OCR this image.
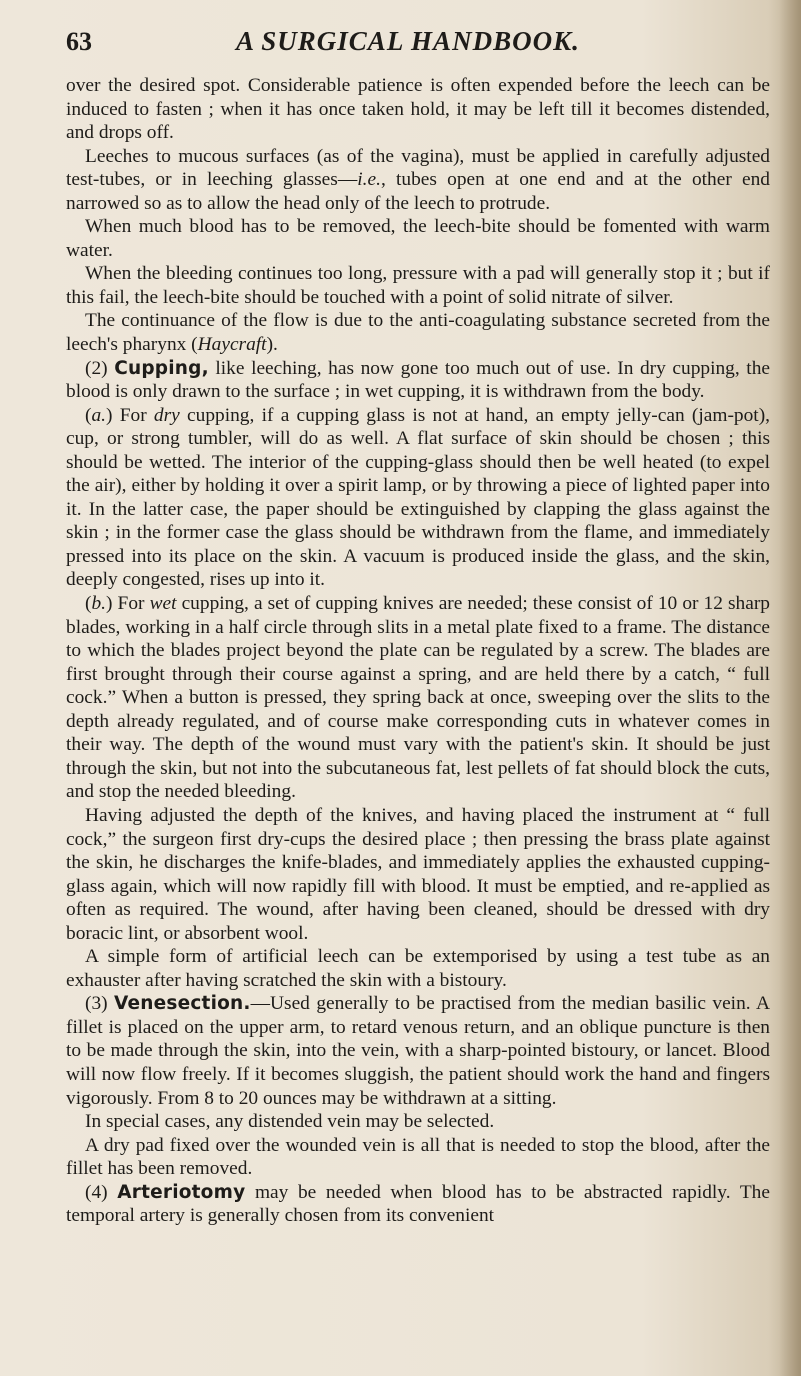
63	A SURGICAL HANDBOOK.

over the desired spot. Considerable patience is often expended before the leech can be induced to fasten ; when it has once taken hold, it may be left till it becomes distended, and drops off.

Leeches to mucous surfaces (as of the vagina), must be applied in carefully adjusted test-tubes, or in leeching glasses—i.e., tubes open at one end and at the other end narrowed so as to allow the head only of the leech to protrude.

When much blood has to be removed, the leech-bite should be fomented with warm water.

When the bleeding continues too long, pressure with a pad will generally stop it ; but if this fail, the leech-bite should be touched with a point of solid nitrate of silver.

The continuance of the flow is due to the anti-coagulating substance secreted from the leech's pharynx (Haycraft).

(2) Cupping, like leeching, has now gone too much out of use. In dry cupping, the blood is only drawn to the surface ; in wet cupping, it is withdrawn from the body.

(a.) For dry cupping, if a cupping glass is not at hand, an empty jelly-can (jam-pot), cup, or strong tumbler, will do as well. A flat surface of skin should be chosen ; this should be wetted. The interior of the cupping-glass should then be well heated (to expel the air), either by holding it over a spirit lamp, or by throwing a piece of lighted paper into it. In the latter case, the paper should be extinguished by clapping the glass against the skin ; in the former case the glass should be withdrawn from the flame, and immediately pressed into its place on the skin. A vacuum is produced inside the glass, and the skin, deeply congested, rises up into it.

(b.) For wet cupping, a set of cupping knives are needed; these consist of 10 or 12 sharp blades, working in a half circle through slits in a metal plate fixed to a frame. The distance to which the blades project beyond the plate can be regulated by a screw. The blades are first brought through their course against a spring, and are held there by a catch, “ full cock.” When a button is pressed, they spring back at once, sweeping over the slits to the depth already regulated, and of course make corresponding cuts in whatever comes in their way. The depth of the wound must vary with the patient's skin. It should be just through the skin, but not into the subcutaneous fat, lest pellets of fat should block the cuts, and stop the needed bleeding.

Having adjusted the depth of the knives, and having placed the instrument at “ full cock,” the surgeon first dry-cups the desired place ; then pressing the brass plate against the skin, he discharges the knife-blades, and immediately applies the exhausted cupping-glass again, which will now rapidly fill with blood. It must be emptied, and re-applied as often as required. The wound, after having been cleaned, should be dressed with dry boracic lint, or absorbent wool.

A simple form of artificial leech can be extemporised by using a test tube as an exhauster after having scratched the skin with a bistoury.

(3) Venesection.—Used generally to be practised from the median basilic vein. A fillet is placed on the upper arm, to retard venous return, and an oblique puncture is then to be made through the skin, into the vein, with a sharp-pointed bistoury, or lancet. Blood will now flow freely. If it becomes sluggish, the patient should work the hand and fingers vigorously. From 8 to 20 ounces may be withdrawn at a sitting.

In special cases, any distended vein may be selected.

A dry pad fixed over the wounded vein is all that is needed to stop the blood, after the fillet has been removed.

(4) Arteriotomy may be needed when blood has to be abstracted rapidly. The temporal artery is generally chosen from its convenient
